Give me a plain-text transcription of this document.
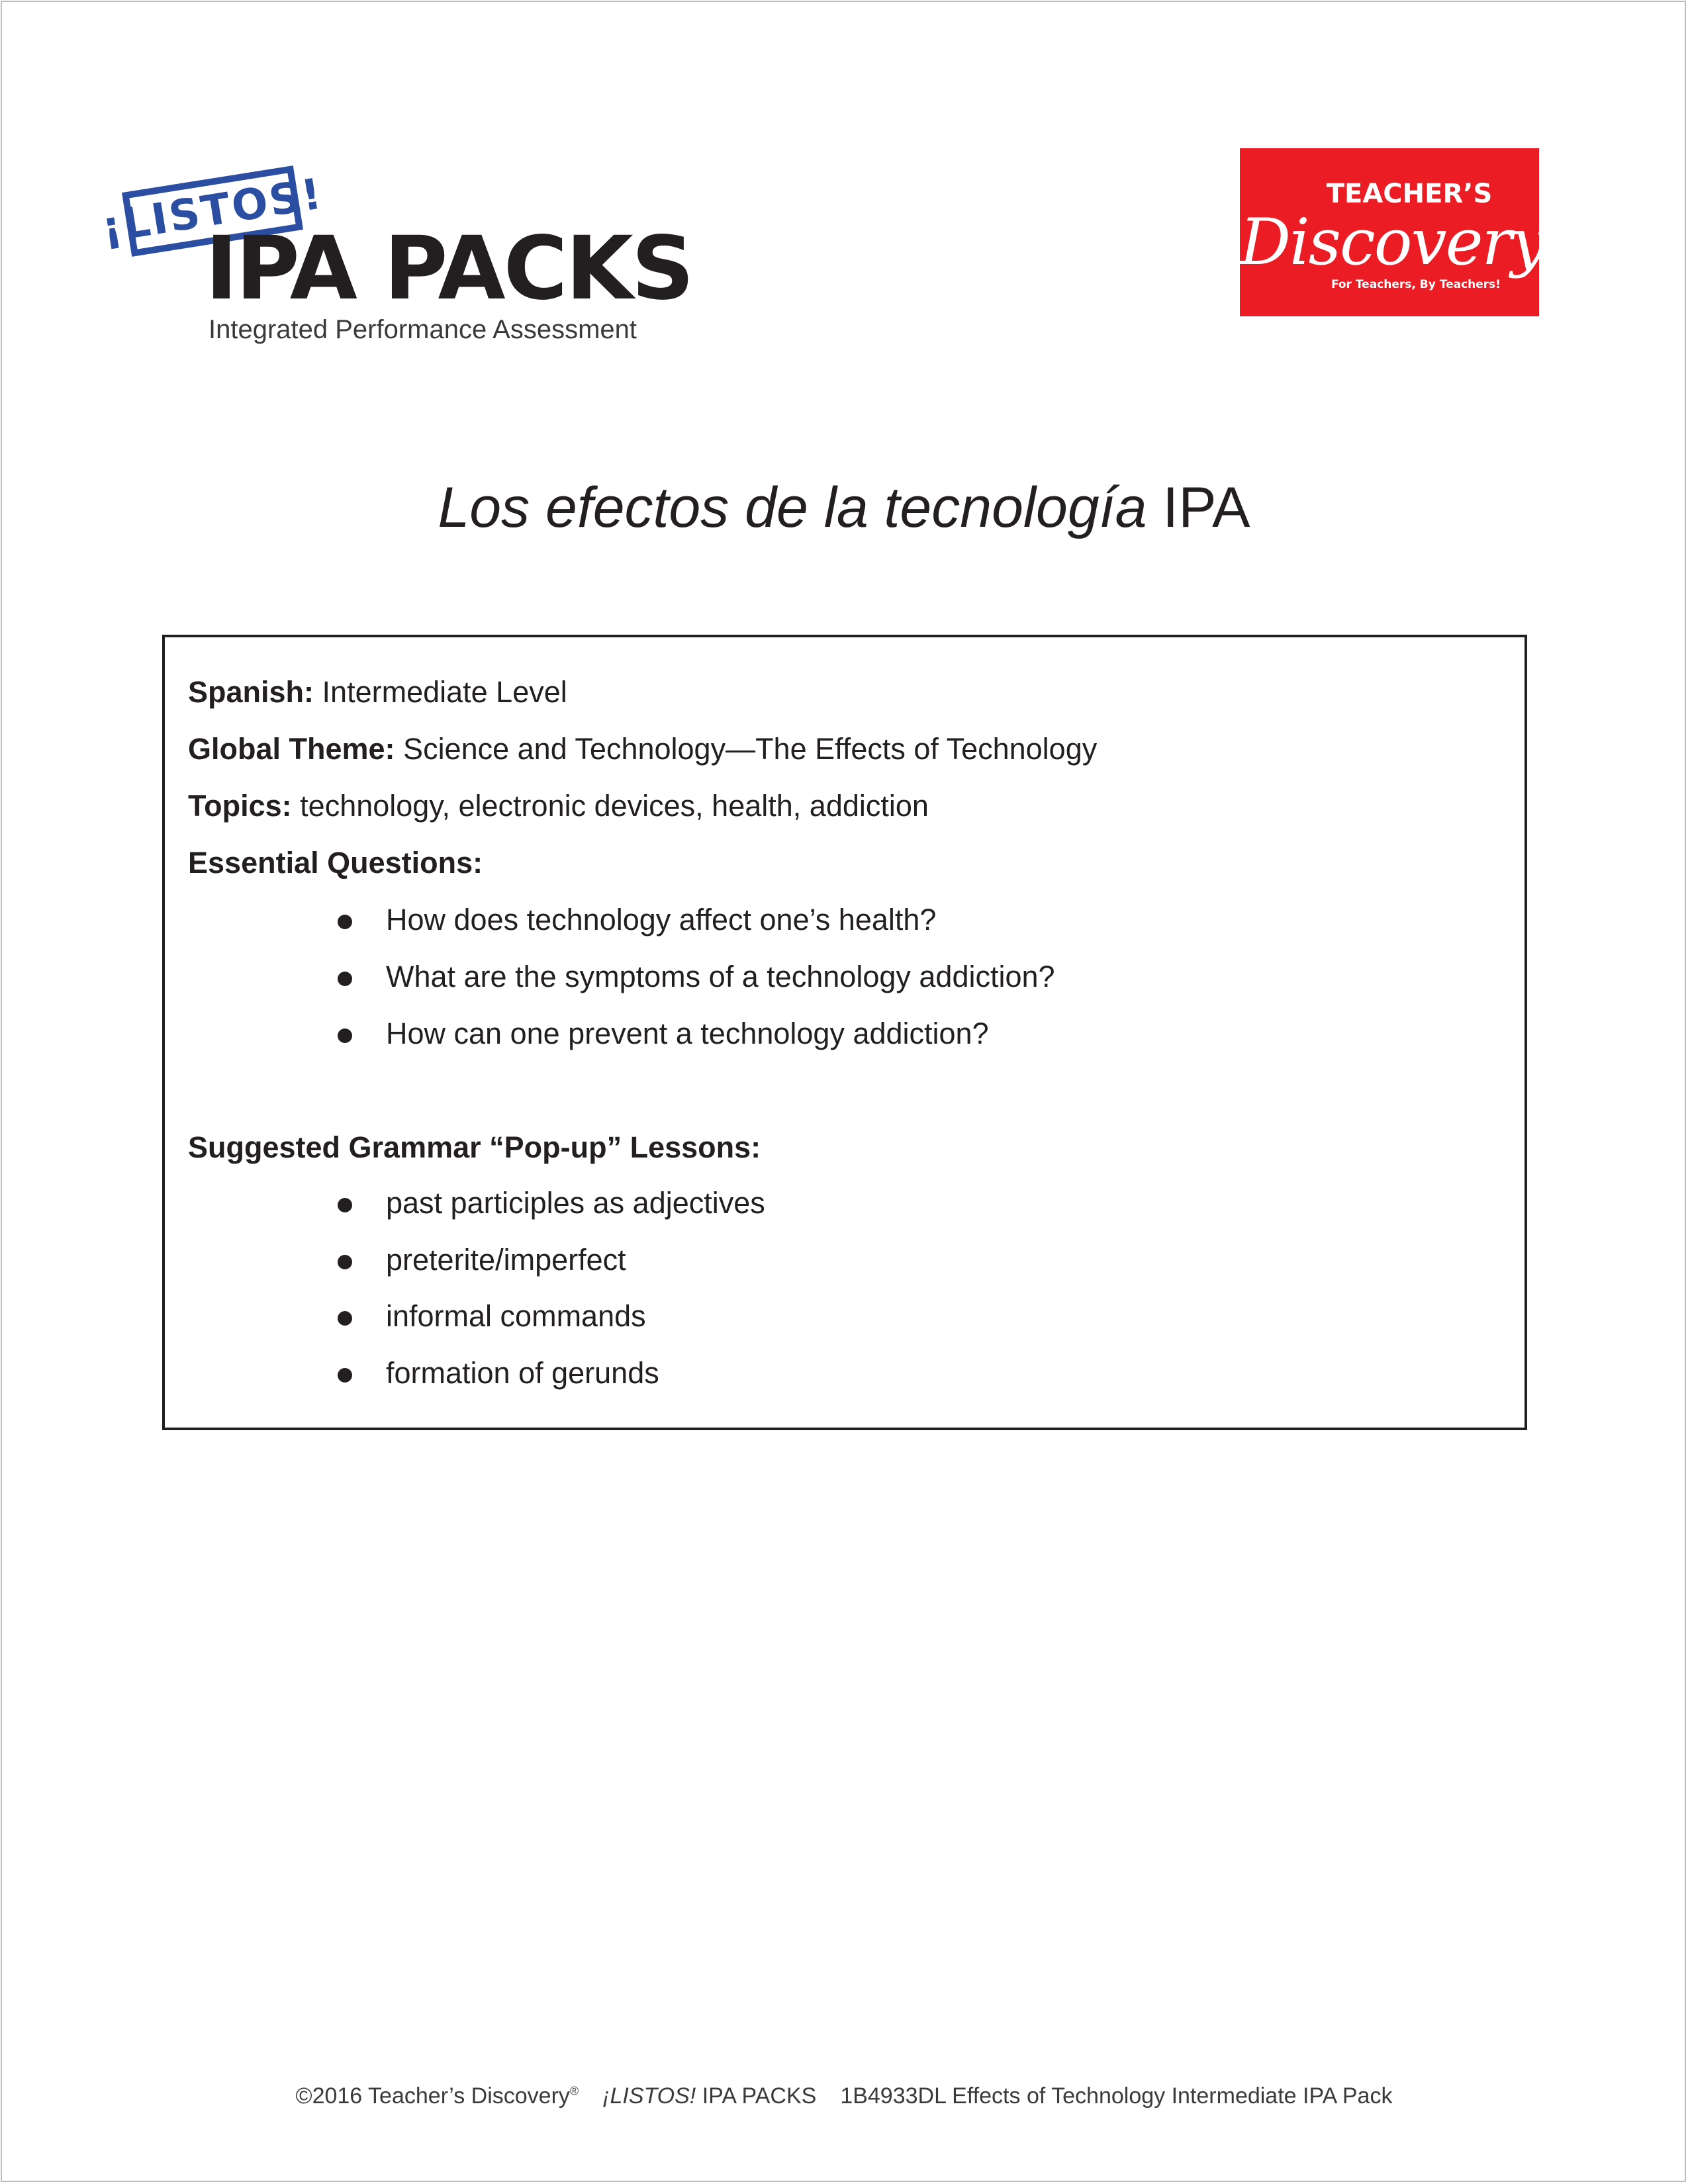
¡LISTOS!
IPA PACKS
Integrated Performance Assessment
TEACHER’S
Discovery
For Teachers, By Teachers!
Los efectos de la tecnología IPA
Spanish: Intermediate Level
Global Theme: Science and Technology—The Effects of Technology
Topics: technology, electronic devices, health, addiction
Essential Questions:
How does technology affect one’s health?
What are the symptoms of a technology addiction?
How can one prevent a technology addiction?
Suggested Grammar “Pop-up” Lessons:
past participles as adjectives
preterite/imperfect
informal commands
formation of gerunds
©2016 Teacher’s Discovery® ¡LISTOS! IPA PACKS 1B4933DL Effects of Technology Intermediate IPA Pack
